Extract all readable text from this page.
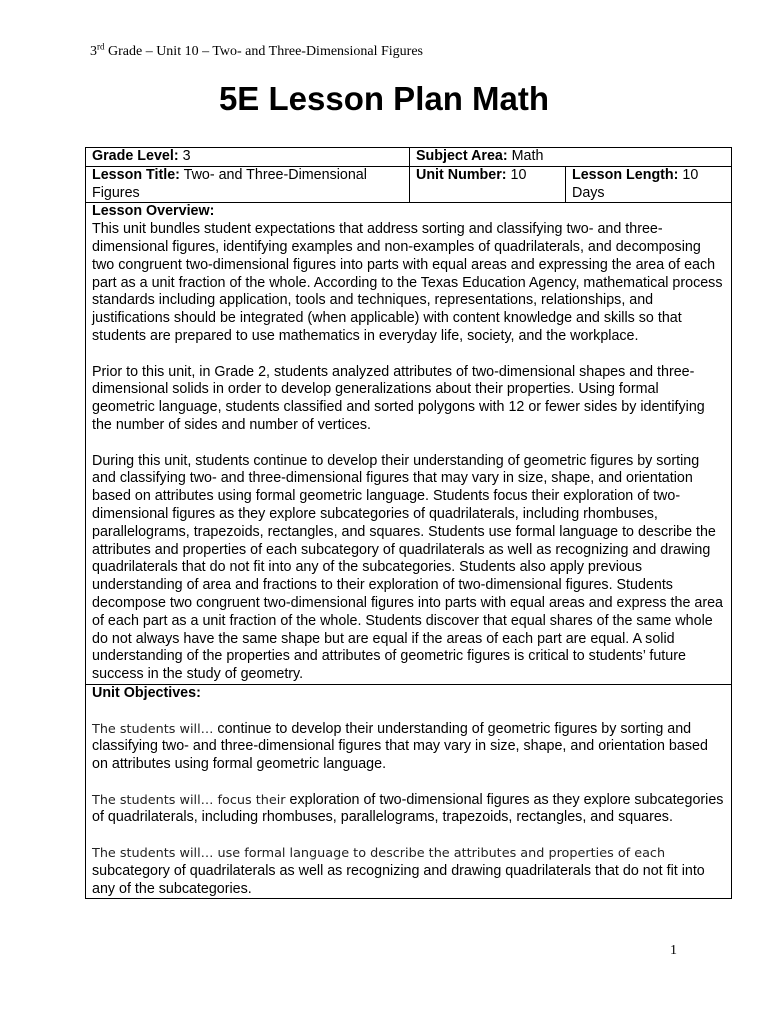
3rd Grade – Unit 10 – Two- and Three-Dimensional Figures
5E Lesson Plan Math
Grade Level: 3	Subject Area: Math	
Lesson Title: Two- and Three-Dimensional Figures	Unit Number: 10	Lesson Length: 10 Days

Lesson Overview:

This unit bundles student expectations that address sorting and classifying two- and three-dimensional figures, identifying examples and non-examples of quadrilaterals, and decomposing two congruent two-dimensional figures into parts with equal areas and expressing the area of each part as a unit fraction of the whole. According to the Texas Education Agency, mathematical process standards including application, tools and techniques, representations, relationships, and justifications should be integrated (when applicable) with content knowledge and skills so that students are prepared to use mathematics in everyday life, society, and the workplace.

Prior to this unit, in Grade 2, students analyzed attributes of two-dimensional shapes and three-dimensional solids in order to develop generalizations about their properties. Using formal geometric language, students classified and sorted polygons with 12 or fewer sides by identifying the number of sides and number of vertices.

During this unit, students continue to develop their understanding of geometric figures by sorting and classifying two- and three-dimensional figures that may vary in size, shape, and orientation based on attributes using formal geometric language. Students focus their exploration of two-dimensional figures as they explore subcategories of quadrilaterals, including rhombuses, parallelograms, trapezoids, rectangles, and squares. Students use formal language to describe the attributes and properties of each subcategory of quadrilaterals as well as recognizing and drawing quadrilaterals that do not fit into any of the subcategories. Students also apply previous understanding of area and fractions to their exploration of two-dimensional figures. Students decompose two congruent two-dimensional figures into parts with equal areas and express the area of each part as a unit fraction of the whole. Students discover that equal shares of the same whole do not always have the same shape but are equal if the areas of each part are equal. A solid understanding of the properties and attributes of geometric figures is critical to students’ future success in the study of geometry.		

Unit Objectives:

The students will… continue to develop their understanding of geometric figures by sorting and classifying two- and three-dimensional figures that may vary in size, shape, and orientation based on attributes using formal geometric language.

The students will… focus their exploration of two-dimensional figures as they explore subcategories of quadrilaterals, including rhombuses, parallelograms, trapezoids, rectangles, and squares.

The students will… use formal language to describe the attributes and properties of each subcategory of quadrilaterals as well as recognizing and drawing quadrilaterals that do not fit into any of the subcategories.		

1
